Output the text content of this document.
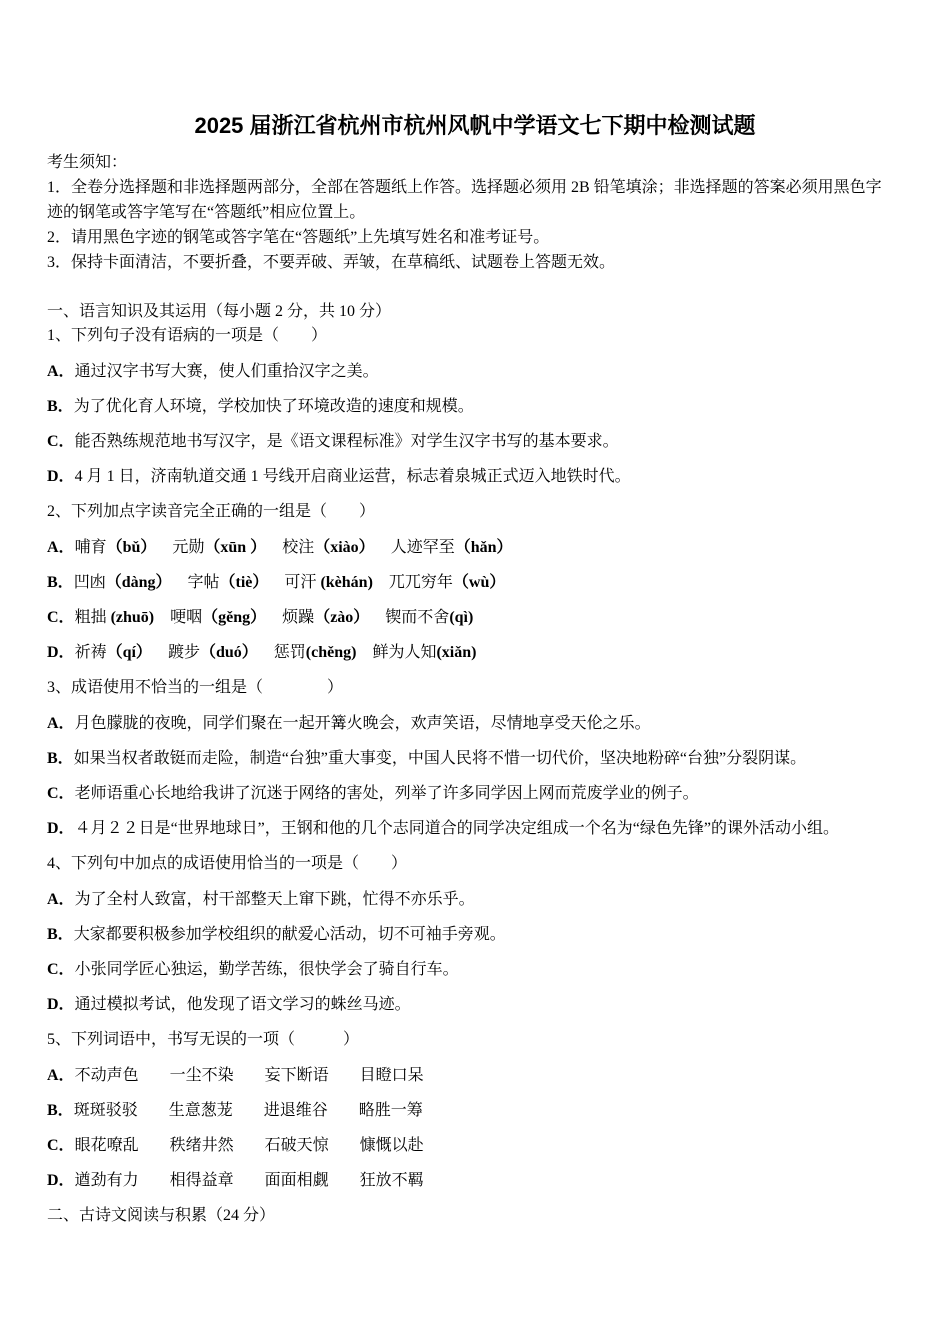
2025 届浙江省杭州市杭州风帆中学语文七下期中检测试题
考生须知：
1．全卷分选择题和非选择题两部分，全部在答题纸上作答。选择题必须用 2B 铅笔填涂；非选择题的答案必须用黑色字迹的钢笔或答字笔写在“答题纸”相应位置上。
2．请用黑色字迹的钢笔或答字笔在“答题纸”上先填写姓名和准考证号。
3．保持卡面清洁，不要折叠，不要弄破、弄皱，在草稿纸、试题卷上答题无效。
一、语言知识及其运用（每小题 2 分，共 10 分）
1、下列句子没有语病的一项是（　　）
A．通过汉字书写大赛，使人们重拾汉字之美。
B．为了优化育人环境，学校加快了环境改造的速度和规模。
C．能否熟练规范地书写汉字，是《语文课程标准》对学生汉字书写的基本要求。
D．4 月 1 日，济南轨道交通 1 号线开启商业运营，标志着泉城正式迈入地铁时代。
2、下列加点字读音完全正确的一组是（　　）
A． 哺育（bǔ） 元勋（xūn ） 校注（xiào） 人迹罕至（hǎn）
B． 凹凼（dàng） 字帖（tiè） 可汗 (kèhán) 兀兀穷年（wù）
C． 粗拙 (zhuō) 哽咽（gěng） 烦躁（zào） 锲而不舍(qì)
D． 祈祷（qí） 踱步（duó） 惩罚(chěng) 鲜为人知(xiǎn)
3、成语使用不恰当的一组是（　　　　）
A．月色朦胧的夜晚，同学们聚在一起开篝火晚会，欢声笑语，尽情地享受天伦之乐。
B．如果当权者敢铤而走险，制造“台独”重大事变，中国人民将不惜一切代价，坚决地粉碎“台独”分裂阴谋。
C．老师语重心长地给我讲了沉迷于网络的害处，列举了许多同学因上网而荒废学业的例子。
D．４月２２日是“世界地球日”，王钢和他的几个志同道合的同学决定组成一个名为“绿色先锋”的课外活动小组。
4、下列句中加点的成语使用恰当的一项是（　　）
A．为了全村人致富，村干部整天上窜下跳，忙得不亦乐乎。
B．大家都要积极参加学校组织的献爱心活动，切不可袖手旁观。
C．小张同学匠心独运，勤学苦练，很快学会了骑自行车。
D．通过模拟考试，他发现了语文学习的蛛丝马迹。
5、下列词语中，书写无误的一项（　　　）
A． 不动声色 一尘不染 妄下断语 目瞪口呆
B． 斑斑驳驳 生意葱茏 进退维谷 略胜一筹
C． 眼花嘹乱 秩绪井然 石破天惊 慷慨以赴
D． 遒劲有力 相得益章 面面相觑 狂放不羁
二、古诗文阅读与积累（24 分）
